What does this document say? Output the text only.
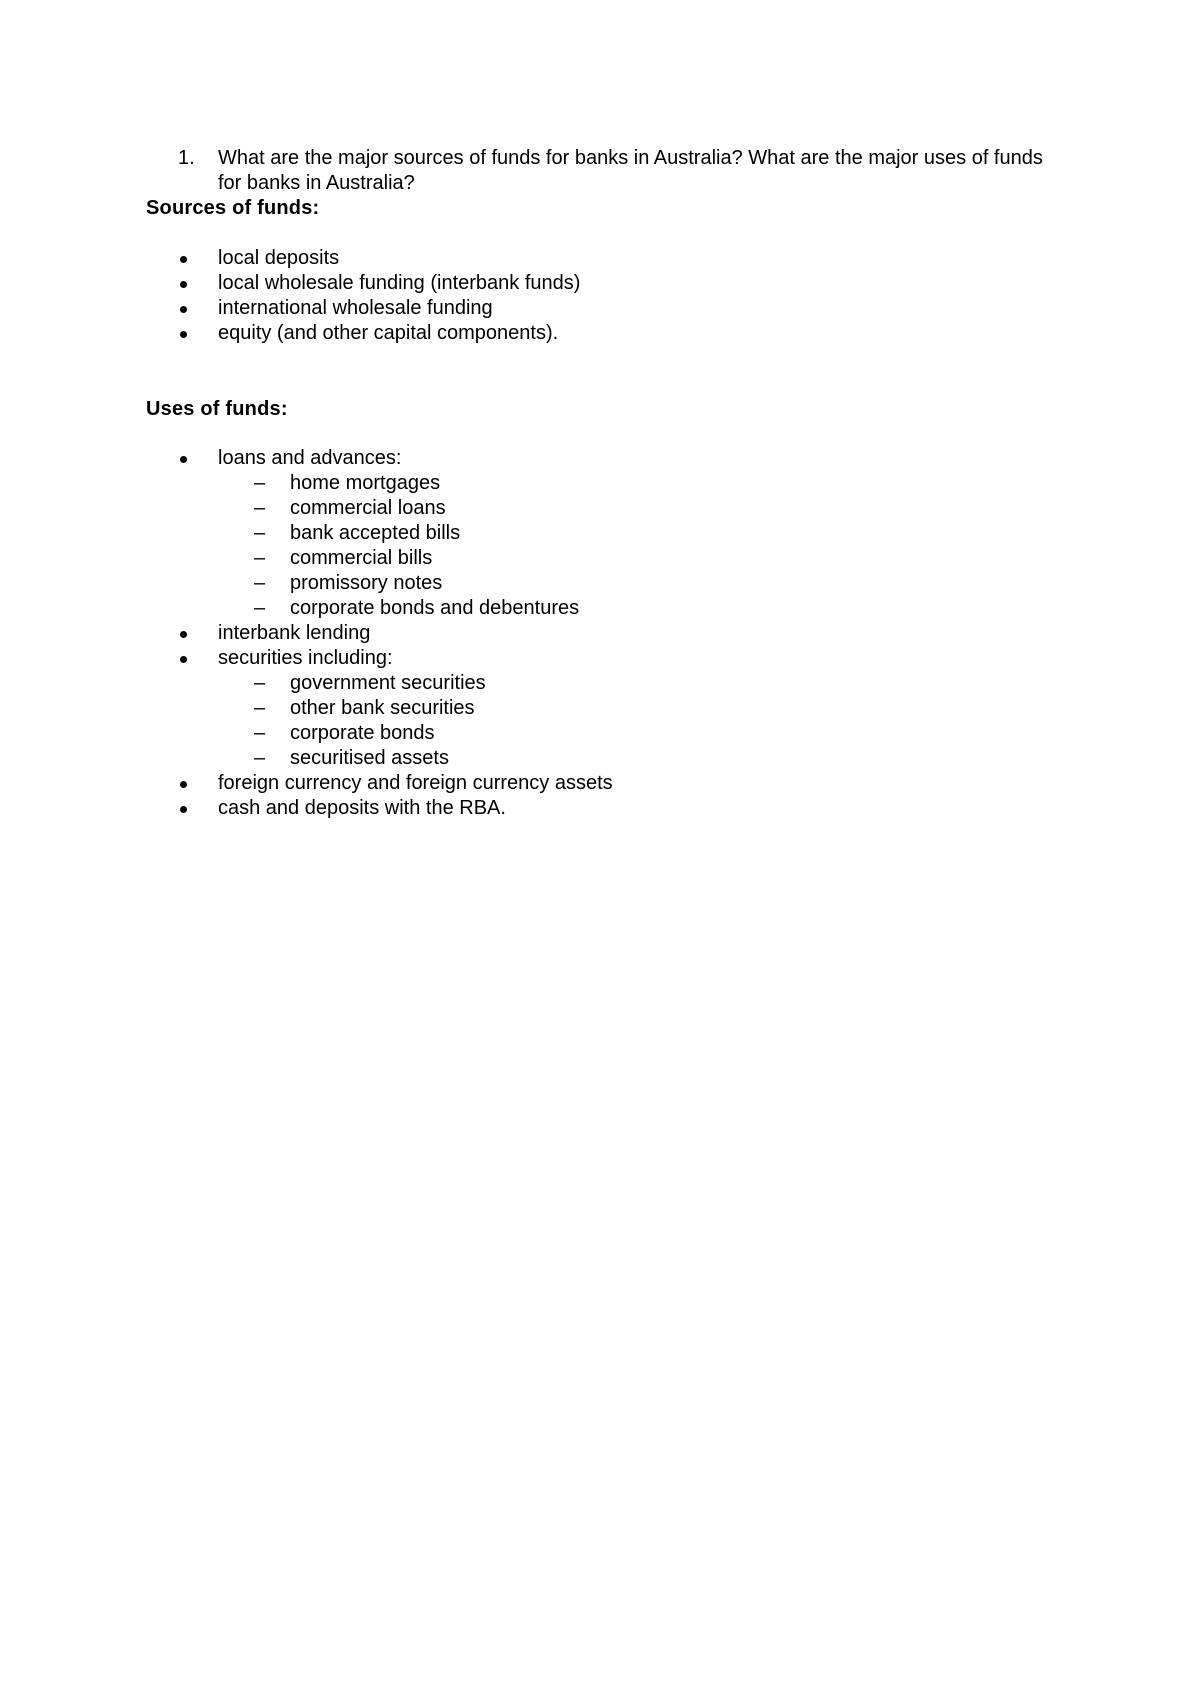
1.	What are the major sources of funds for banks in Australia? What are the major uses of funds for banks in Australia?
Sources of funds:
local deposits
local wholesale funding (interbank funds)
international wholesale funding
equity (and other capital components).
Uses of funds:
loans and advances:
–	home mortgages
–	commercial loans
–	bank accepted bills
–	commercial bills
–	promissory notes
–	corporate bonds and debentures
interbank lending
securities including:
–	government securities
–	other bank securities
–	corporate bonds
–	securitised assets
foreign currency and foreign currency assets
cash and deposits with the RBA.
